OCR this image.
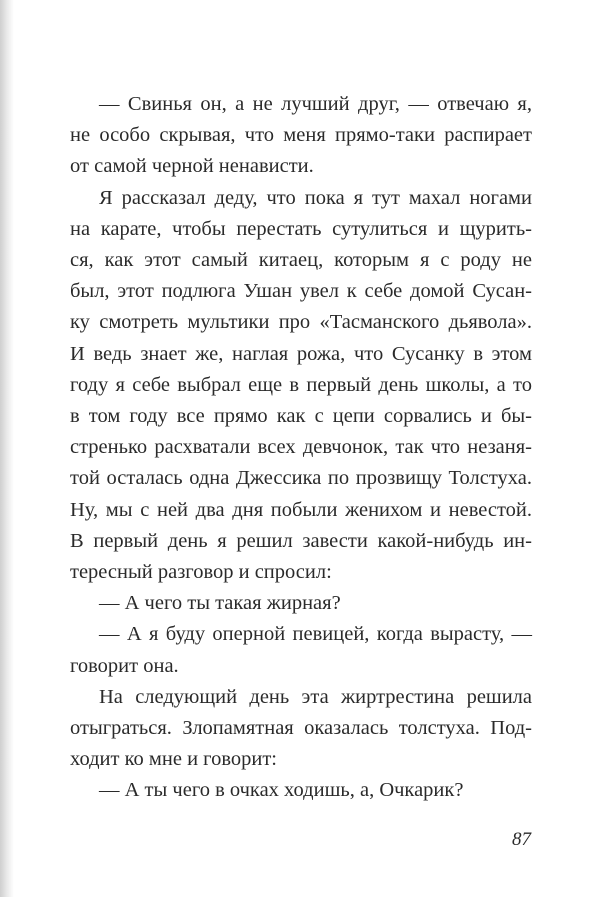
— Свинья он, а не лучший друг, — отвечаю я,
не особо скрывая, что меня прямо-таки распирает
от самой черной ненависти.
Я рассказал деду, что пока я тут махал ногами
на карате, чтобы перестать сутулиться и щурить-
ся, как этот самый китаец, которым я с роду не
был, этот подлюга Ушан увел к себе домой Сусан-
ку смотреть мультики про «Тасманского дьявола».
И ведь знает же, наглая рожа, что Сусанку в этом
году я себе выбрал еще в первый день школы, а то
в том году все прямо как с цепи сорвались и бы-
стренько расхватали всех девчонок, так что незаня-
той осталась одна Джессика по прозвищу Толстуха.
Ну, мы с ней два дня побыли женихом и невестой.
В первый день я решил завести какой-нибудь ин-
тересный разговор и спросил:
— А чего ты такая жирная?
— А я буду оперной певицей, когда вырасту, —
говорит она.
На следующий день эта жиртрестина решила
отыграться. Злопамятная оказалась толстуха. Под-
ходит ко мне и говорит:
— А ты чего в очках ходишь, а, Очкарик?
87
